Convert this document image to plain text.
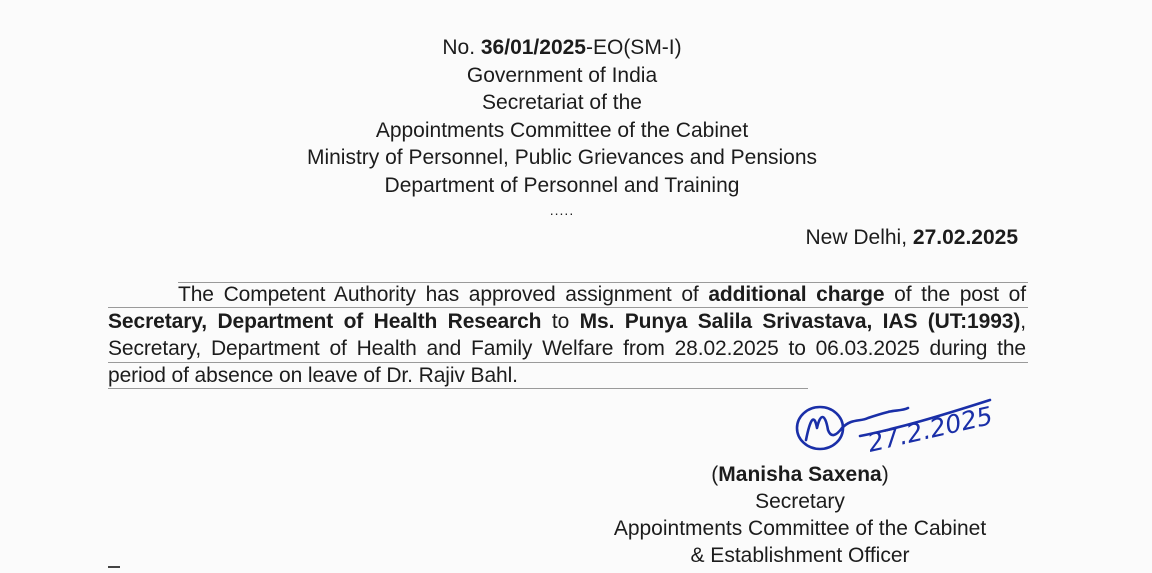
No. 36/01/2025-EO(SM-I)
Government of India
Secretariat of the
Appointments Committee of the Cabinet
Ministry of Personnel, Public Grievances and Pensions
Department of Personnel and Training
.....
New Delhi, 27.02.2025
The Competent Authority has approved assignment of additional charge of the post of Secretary, Department of Health Research to Ms. Punya Salila Srivastava, IAS (UT:1993), Secretary, Department of Health and Family Welfare from 28.02.2025 to 06.03.2025 during the period of absence on leave of Dr. Rajiv Bahl.
27.2.2025
(Manisha Saxena)
Secretary
Appointments Committee of the Cabinet
& Establishment Officer
